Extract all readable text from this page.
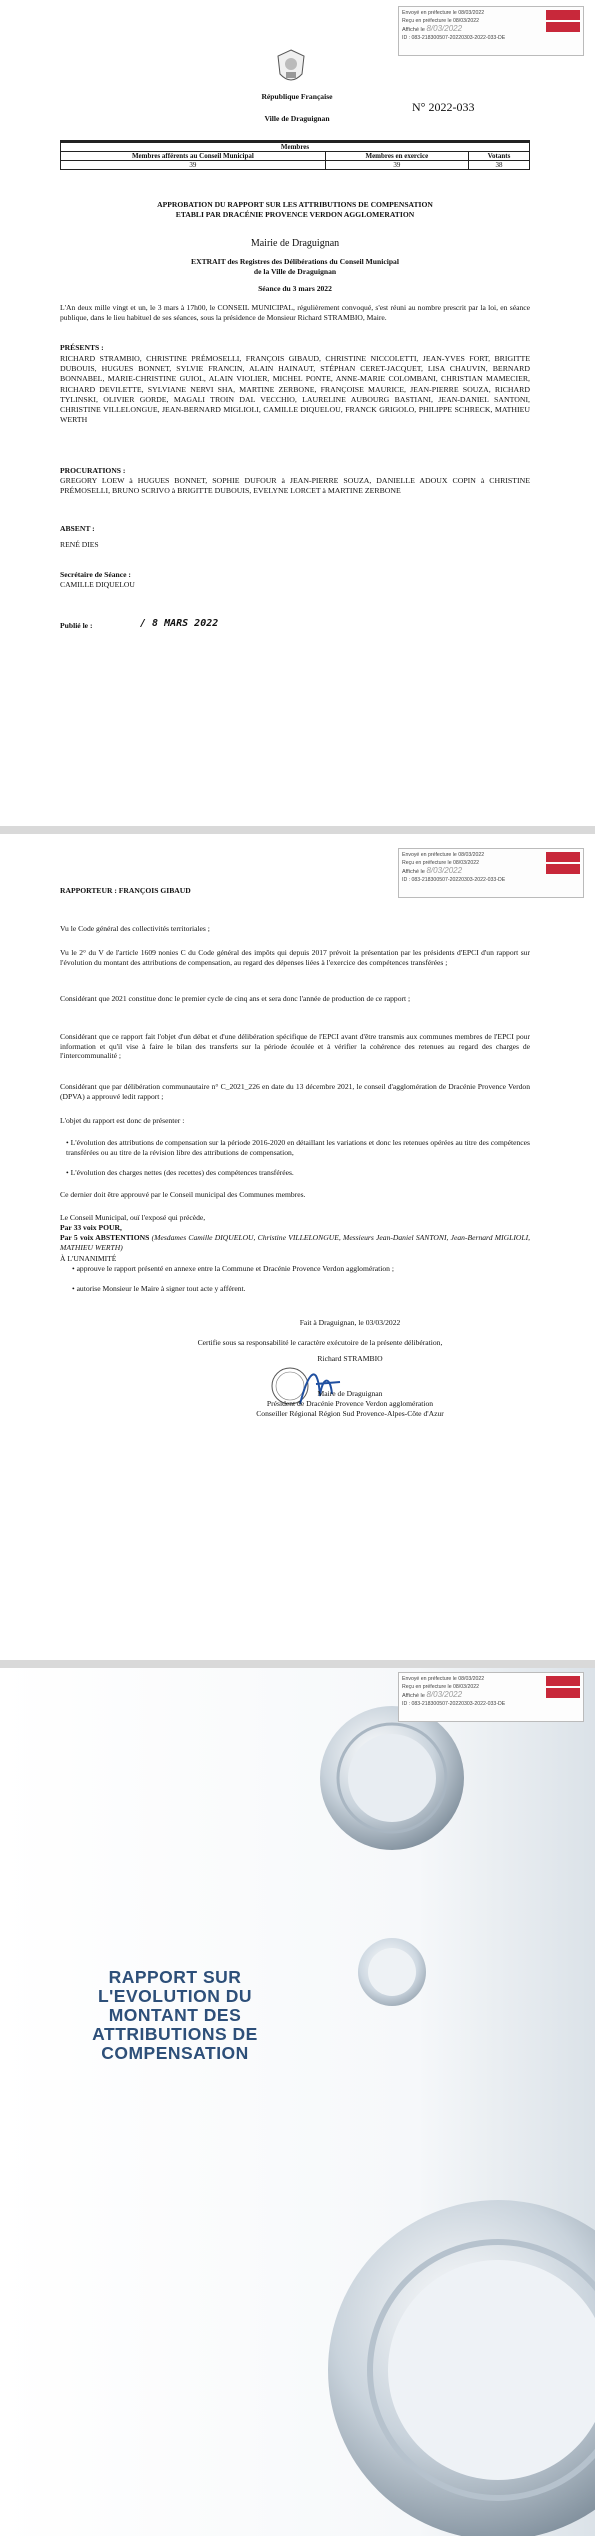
Envoyé en préfecture le 08/03/2022
Reçu en préfecture le 08/03/2022
Affiché le 8/03/2022
ID : 083-218300507-20220303-2022-033-DE
République Française
Ville de Draguignan
N° 2022-033
Membres		
Membres afférents au Conseil Municipal	Membres en exercice	Votants
39	39	38
APPROBATION DU RAPPORT SUR LES ATTRIBUTIONS DE COMPENSATION
ETABLI PAR DRACÉNIE PROVENCE VERDON AGGLOMERATION
Mairie de Draguignan
EXTRAIT des Registres des Délibérations du Conseil Municipal
de la Ville de Draguignan
Séance du 3 mars 2022
L'An deux mille vingt et un, le 3 mars à 17h00, le CONSEIL MUNICIPAL, régulièrement convoqué, s'est réuni au nombre prescrit par la loi, en séance publique, dans le lieu habituel de ses séances, sous la présidence de Monsieur Richard STRAMBIO, Maire.
PRÉSENTS :
RICHARD STRAMBIO, CHRISTINE PRÉMOSELLI, FRANÇOIS GIBAUD, CHRISTINE NICCOLETTI, JEAN-YVES FORT, BRIGITTE DUBOUIS, HUGUES BONNET, SYLVIE FRANCIN, ALAIN HAINAUT, STÉPHAN CERET-JACQUET, LISA CHAUVIN, BERNARD BONNABEL, MARIE-CHRISTINE GUIOL, ALAIN VIOLIER, MICHEL PONTE, ANNE-MARIE COLOMBANI, CHRISTIAN MAMECIER, RICHARD DEVILETTE, SYLVIANE NERVI SHA, MARTINE ZERBONE, FRANÇOISE MAURICE, JEAN-PIERRE SOUZA, RICHARD TYLINSKI, OLIVIER GORDE, MAGALI TROIN DAL VECCHIO, LAURELINE AUBOURG BASTIANI, JEAN-DANIEL SANTONI, CHRISTINE VILLELONGUE, JEAN-BERNARD MIGLIOLI, CAMILLE DIQUELOU, FRANCK GRIGOLO, PHILIPPE SCHRECK, MATHIEU WERTH
PROCURATIONS :
GREGORY LOEW à HUGUES BONNET, SOPHIE DUFOUR à JEAN-PIERRE SOUZA, DANIELLE ADOUX COPIN à CHRISTINE PRÉMOSELLI, BRUNO SCRIVO à BRIGITTE DUBOUIS, EVELYNE LORCET à MARTINE ZERBONE
ABSENT :
RENÉ DIES
Secrétaire de Séance :
CAMILLE DIQUELOU
Publié le :	/ 8 MARS 2022
Envoyé en préfecture le 08/03/2022
Reçu en préfecture le 08/03/2022
Affiché le 8/03/2022
ID : 083-218300507-20220303-2022-033-DE
RAPPORTEUR : FRANÇOIS GIBAUD
Vu le Code général des collectivités territoriales ;
Vu le 2° du V de l'article 1609 nonies C du Code général des impôts qui depuis 2017 prévoit la présentation par les présidents d'EPCI d'un rapport sur l'évolution du montant des attributions de compensation, au regard des dépenses liées à l'exercice des compétences transférées ;
Considérant que 2021 constitue donc le premier cycle de cinq ans et sera donc l'année de production de ce rapport ;
Considérant que ce rapport fait l'objet d'un débat et d'une délibération spécifique de l'EPCI avant d'être transmis aux communes membres de l'EPCI pour information et qu'il vise à faire le bilan des transferts sur la période écoulée et à vérifier la cohérence des retenues au regard des charges de l'intercommunalité ;
Considérant que par délibération communautaire n° C_2021_226 en date du 13 décembre 2021, le conseil d'agglomération de Dracénie Provence Verdon (DPVA) a approuvé ledit rapport ;
L'objet du rapport est donc de présenter :
• L'évolution des attributions de compensation sur la période 2016-2020 en détaillant les variations et donc les retenues opérées au titre des compétences transférées ou au titre de la révision libre des attributions de compensation,
• L'évolution des charges nettes (des recettes) des compétences transférées.
Ce dernier doit être approuvé par le Conseil municipal des Communes membres.
Le Conseil Municipal, ouï l'exposé qui précède,
Par 33 voix POUR,
Par 5 voix ABSTENTIONS (Mesdames Camille DIQUELOU, Christine VILLELONGUE, Messieurs Jean-Daniel SANTONI, Jean-Bernard MIGLIOLI, MATHIEU WERTH)
À L'UNANIMITÉ
• approuve le rapport présenté en annexe entre la Commune et Dracénie Provence Verdon agglomération ;
• autorise Monsieur le Maire à signer tout acte y afférent.
Fait à Draguignan, le 03/03/2022
Certifie sous sa responsabilité le caractère exécutoire de la présente délibération,
Richard STRAMBIO
Maire de Draguignan
Président de Dracénie Provence Verdon agglomération
Conseiller Régional Région Sud Provence-Alpes-Côte d'Azur
Envoyé en préfecture le 08/03/2022
Reçu en préfecture le 08/03/2022
Affiché le 8/03/2022
ID : 083-218300507-20220303-2022-033-DE
RAPPORT SUR
L'EVOLUTION DU
MONTANT DES
ATTRIBUTIONS DE
COMPENSATION
